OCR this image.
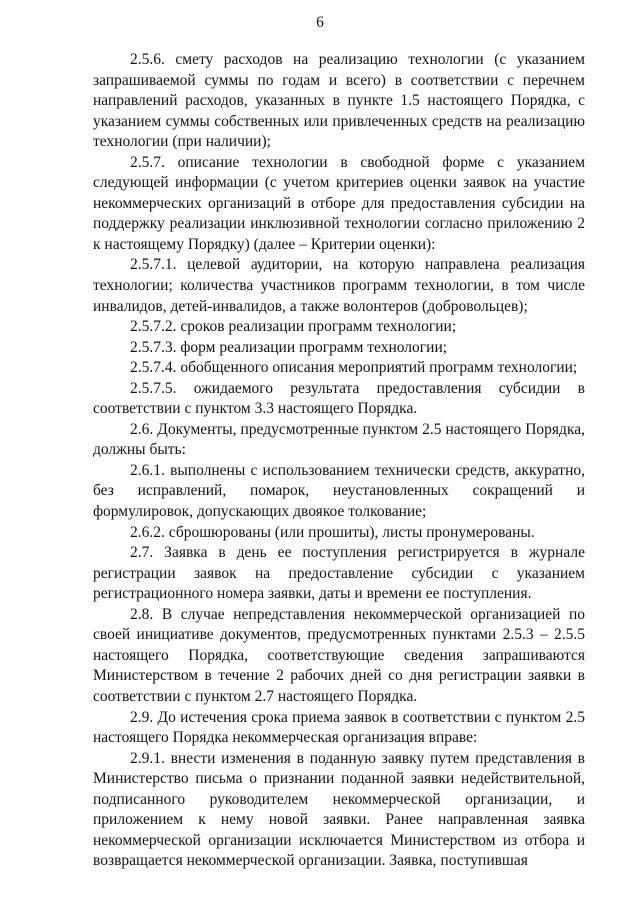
6

2.5.6. смету расходов на реализацию технологии (с указанием запрашиваемой суммы по годам и всего) в соответствии с перечнем направлений расходов, указанных в пункте 1.5 настоящего Порядка, с указанием суммы собственных или привлеченных средств на реализацию технологии (при наличии);

2.5.7. описание технологии в свободной форме с указанием следующей информации (с учетом критериев оценки заявок на участие некоммерческих организаций в отборе для предоставления субсидии на поддержку реализации инклюзивной технологии согласно приложению 2 к настоящему Порядку) (далее – Критерии оценки):

2.5.7.1. целевой аудитории, на которую направлена реализация технологии; количества участников программ технологии, в том числе инвалидов, детей-инвалидов, а также волонтеров (добровольцев);

2.5.7.2. сроков реализации программ технологии;

2.5.7.3. форм реализации программ технологии;

2.5.7.4. обобщенного описания мероприятий программ технологии;

2.5.7.5. ожидаемого результата предоставления субсидии в соответствии с пунктом 3.3 настоящего Порядка.

2.6. Документы, предусмотренные пунктом 2.5 настоящего Порядка, должны быть:

2.6.1. выполнены с использованием технически средств, аккуратно, без исправлений, помарок, неустановленных сокращений и формулировок, допускающих двоякое толкование;

2.6.2. сброшюрованы (или прошиты), листы пронумерованы.

2.7. Заявка в день ее поступления регистрируется в журнале регистрации заявок на предоставление субсидии с указанием регистрационного номера заявки, даты и времени ее поступления.

2.8. В случае непредставления некоммерческой организацией по своей инициативе документов, предусмотренных пунктами 2.5.3 – 2.5.5 настоящего Порядка, соответствующие сведения запрашиваются Министерством в течение 2 рабочих дней со дня регистрации заявки в соответствии с пунктом 2.7 настоящего Порядка.

2.9. До истечения срока приема заявок в соответствии с пунктом 2.5 настоящего Порядка некоммерческая организация вправе:

2.9.1. внести изменения в поданную заявку путем представления в Министерство письма о признании поданной заявки недействительной, подписанного руководителем некоммерческой организации, и приложением к нему новой заявки. Ранее направленная заявка некоммерческой организации исключается Министерством из отбора и возвращается некоммерческой организации. Заявка, поступившая
